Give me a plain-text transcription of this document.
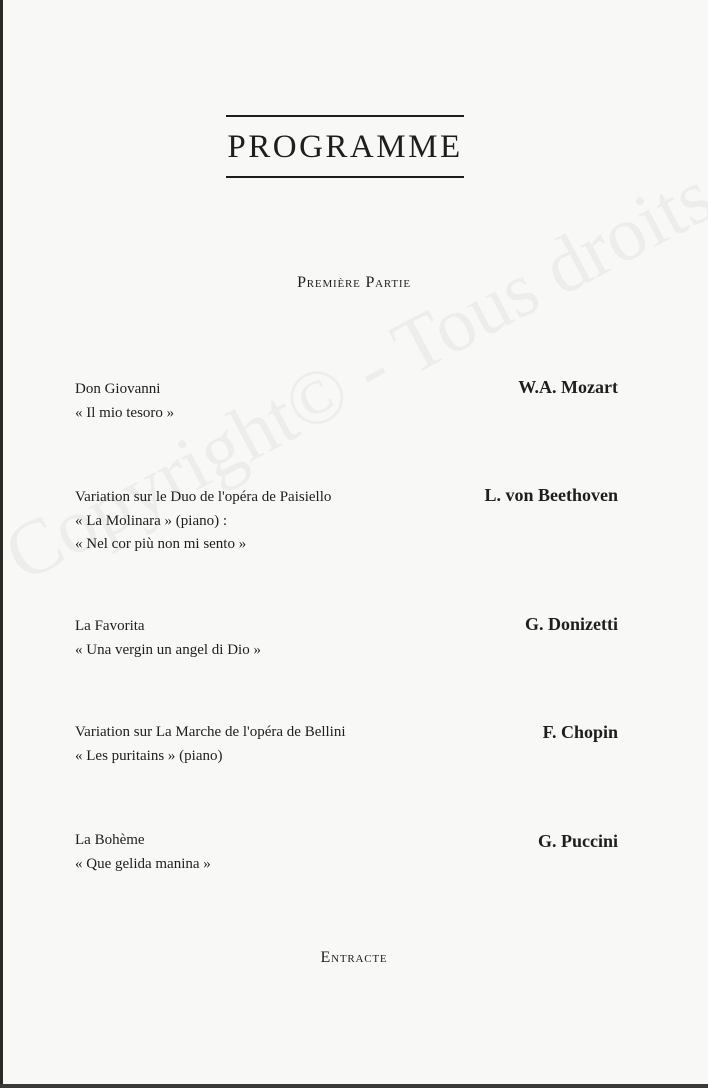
PROGRAMME
Première Partie
Don Giovanni
« Il mio tesoro »
W.A. Mozart
Variation sur le Duo de l'opéra de Paisiello
« La Molinara » (piano) :
« Nel cor più non mi sento »
L. von Beethoven
La Favorita
« Una vergin un angel di Dio »
G. Donizetti
Variation sur La Marche de l'opéra de Bellini
« Les puritains » (piano)
F. Chopin
La Bohème
« Que gelida manina »
G. Puccini
Entracte
